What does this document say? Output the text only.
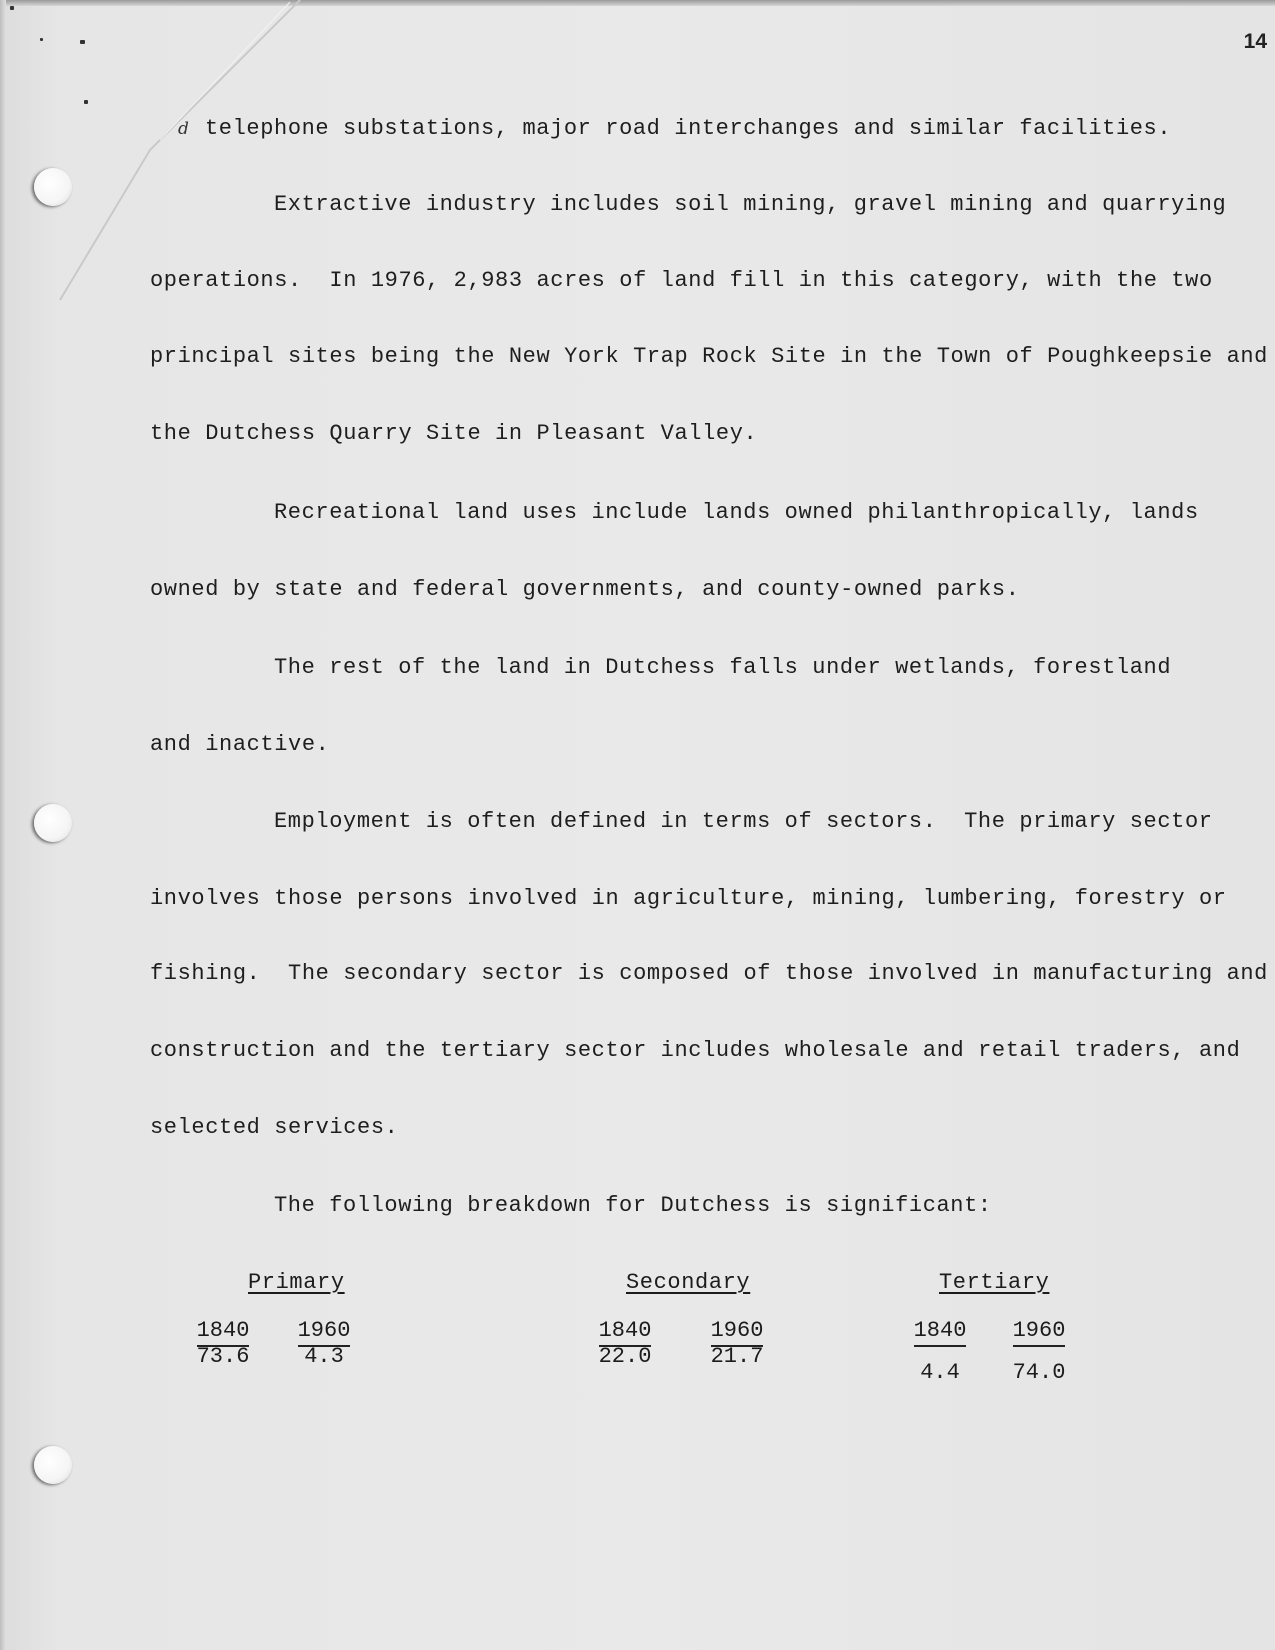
14
d telephone substations, major road interchanges and similar facilities.

Extractive industry includes soil mining, gravel mining and quarrying

operations.  In 1976, 2,983 acres of land fill in this category, with the two

principal sites being the New York Trap Rock Site in the Town of Poughkeepsie and

the Dutchess Quarry Site in Pleasant Valley.

Recreational land uses include lands owned philanthropically, lands

owned by state and federal governments, and county-owned parks.

The rest of the land in Dutchess falls under wetlands, forestland

and inactive.

Employment is often defined in terms of sectors.  The primary sector

involves those persons involved in agriculture, mining, lumbering, forestry or

fishing.  The secondary sector is composed of those involved in manufacturing and

construction and the tertiary sector includes wholesale and retail traders, and

selected services.

The following breakdown for Dutchess is significant:

Primary
1840	1960
73.6	4.3
Secondary
1840	1960
22.0	21.7
Tertiary
1840	1960
4.4	74.0
